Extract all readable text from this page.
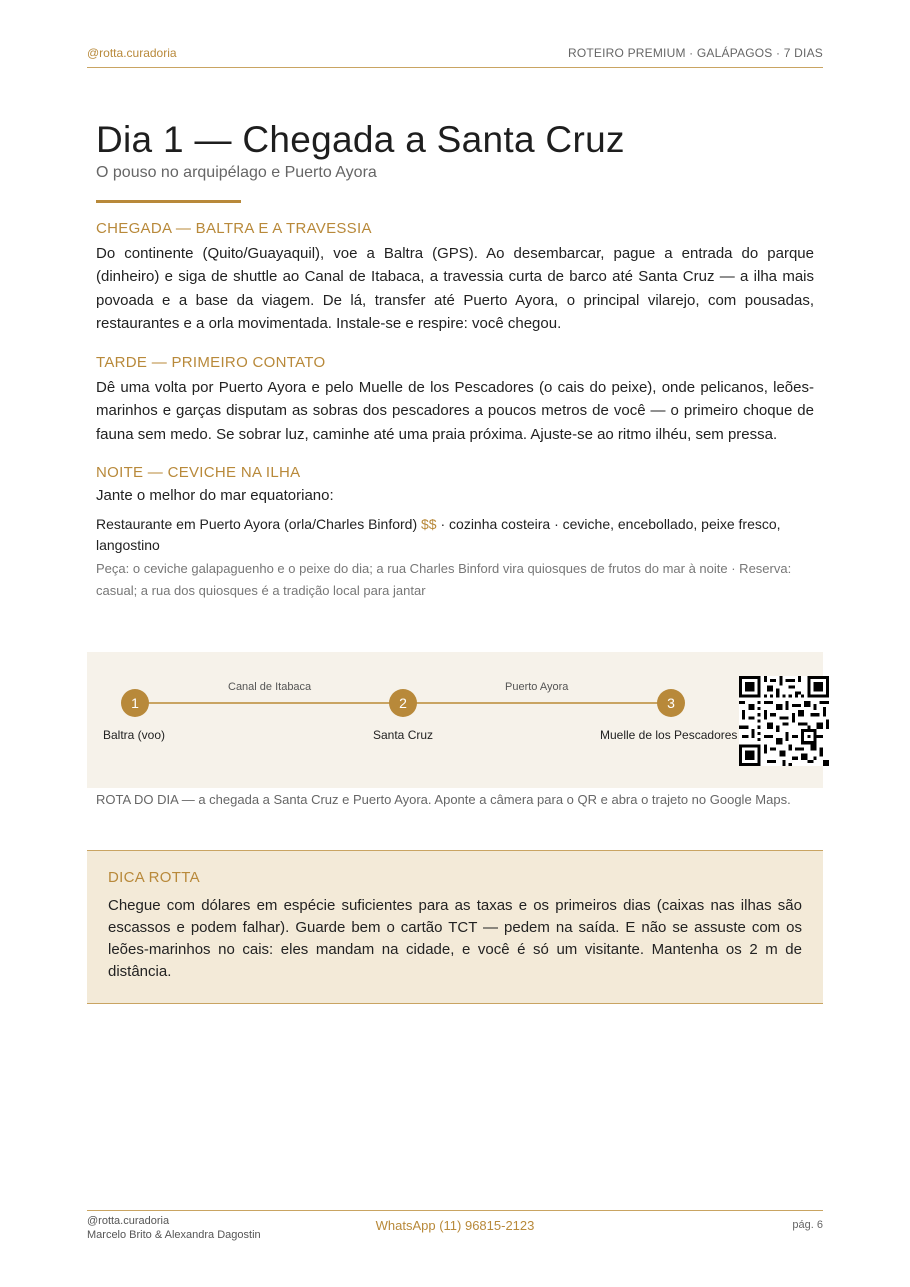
@rotta.curadoria	ROTEIRO PREMIUM · GALÁPAGOS · 7 DIAS
Dia 1 — Chegada a Santa Cruz
O pouso no arquipélago e Puerto Ayora
CHEGADA — BALTRA E A TRAVESSIA

Do continente (Quito/Guayaquil), voe a Baltra (GPS). Ao desembarcar, pague a entrada do parque (dinheiro) e siga de shuttle ao Canal de Itabaca, a travessia curta de barco até Santa Cruz — a ilha mais povoada e a base da viagem. De lá, transfer até Puerto Ayora, o principal vilarejo, com pousadas, restaurantes e a orla movimentada. Instale-se e respire: você chegou.

TARDE — PRIMEIRO CONTATO

Dê uma volta por Puerto Ayora e pelo Muelle de los Pescadores (o cais do peixe), onde pelicanos, leões-marinhos e garças disputam as sobras dos pescadores a poucos metros de você — o primeiro choque de fauna sem medo. Se sobrar luz, caminhe até uma praia próxima. Ajuste-se ao ritmo ilhéu, sem pressa.

NOITE — CEVICHE NA ILHA
Jante o melhor do mar equatoriano:
Restaurante em Puerto Ayora (orla/Charles Binford) $$ · cozinha costeira · ceviche, encebollado, peixe fresco, langostino
Peça: o ceviche galapaguenho e o peixe do dia; a rua Charles Binford vira quiosques de frutos do mar à noite · Reserva: casual; a rua dos quiosques é a tradição local para jantar
Canal de Itabaca	Puerto Ayora
1	2	3
Baltra (voo)	Santa Cruz	Muelle de los Pescadores
ROTA DO DIA — a chegada a Santa Cruz e Puerto Ayora. Aponte a câmera para o QR e abra o trajeto no Google Maps.
DICA ROTTA
Chegue com dólares em espécie suficientes para as taxas e os primeiros dias (caixas nas ilhas são escassos e podem falhar). Guarde bem o cartão TCT — pedem na saída. E não se assuste com os leões-marinhos no cais: eles mandam na cidade, e você é só um visitante. Mantenha os 2 m de distância.
@rotta.curadoria
Marcelo Brito & Alexandra Dagostin
WhatsApp (11) 96815-2123	pág. 6
